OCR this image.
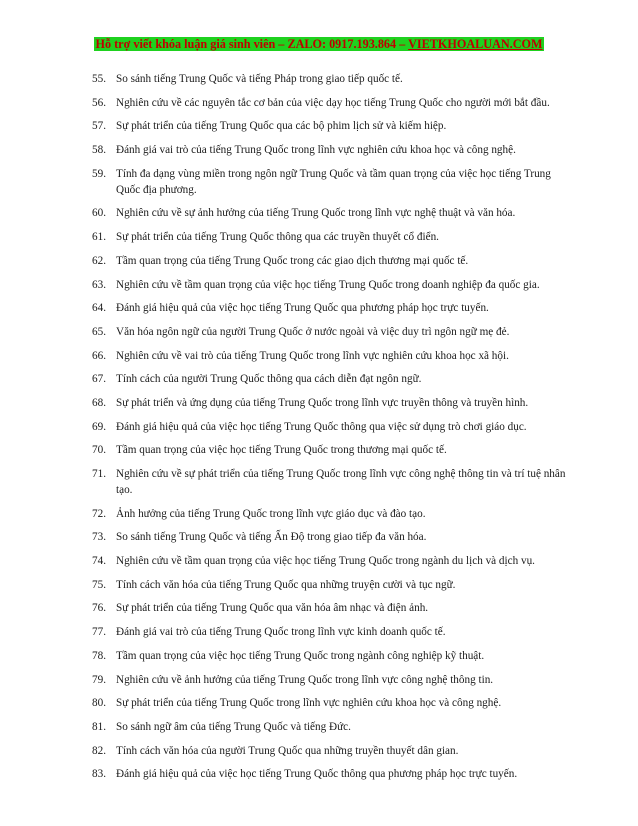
Hỗ trợ viết khóa luận giá sinh viên – ZALO: 0917.193.864 – VIETKHOALUAN.COM
55. So sánh tiếng Trung Quốc và tiếng Pháp trong giao tiếp quốc tế.
56. Nghiên cứu về các nguyên tắc cơ bản của việc dạy học tiếng Trung Quốc cho người mới bắt đầu.
57. Sự phát triển của tiếng Trung Quốc qua các bộ phim lịch sử và kiếm hiệp.
58. Đánh giá vai trò của tiếng Trung Quốc trong lĩnh vực nghiên cứu khoa học và công nghệ.
59. Tính đa dạng vùng miền trong ngôn ngữ Trung Quốc và tầm quan trọng của việc học tiếng Trung Quốc địa phương.
60. Nghiên cứu về sự ảnh hưởng của tiếng Trung Quốc trong lĩnh vực nghệ thuật và văn hóa.
61. Sự phát triển của tiếng Trung Quốc thông qua các truyền thuyết cổ điển.
62. Tầm quan trọng của tiếng Trung Quốc trong các giao dịch thương mại quốc tế.
63. Nghiên cứu về tầm quan trọng của việc học tiếng Trung Quốc trong doanh nghiệp đa quốc gia.
64. Đánh giá hiệu quả của việc học tiếng Trung Quốc qua phương pháp học trực tuyến.
65. Văn hóa ngôn ngữ của người Trung Quốc ở nước ngoài và việc duy trì ngôn ngữ mẹ đẻ.
66. Nghiên cứu về vai trò của tiếng Trung Quốc trong lĩnh vực nghiên cứu khoa học xã hội.
67. Tính cách của người Trung Quốc thông qua cách diễn đạt ngôn ngữ.
68. Sự phát triển và ứng dụng của tiếng Trung Quốc trong lĩnh vực truyền thông và truyền hình.
69. Đánh giá hiệu quả của việc học tiếng Trung Quốc thông qua việc sử dụng trò chơi giáo dục.
70. Tầm quan trọng của việc học tiếng Trung Quốc trong thương mại quốc tế.
71. Nghiên cứu về sự phát triển của tiếng Trung Quốc trong lĩnh vực công nghệ thông tin và trí tuệ nhân tạo.
72. Ảnh hưởng của tiếng Trung Quốc trong lĩnh vực giáo dục và đào tạo.
73. So sánh tiếng Trung Quốc và tiếng Ấn Độ trong giao tiếp đa văn hóa.
74. Nghiên cứu về tầm quan trọng của việc học tiếng Trung Quốc trong ngành du lịch và dịch vụ.
75. Tính cách văn hóa của tiếng Trung Quốc qua những truyện cười và tục ngữ.
76. Sự phát triển của tiếng Trung Quốc qua văn hóa âm nhạc và điện ảnh.
77. Đánh giá vai trò của tiếng Trung Quốc trong lĩnh vực kinh doanh quốc tế.
78. Tầm quan trọng của việc học tiếng Trung Quốc trong ngành công nghiệp kỹ thuật.
79. Nghiên cứu về ảnh hưởng của tiếng Trung Quốc trong lĩnh vực công nghệ thông tin.
80. Sự phát triển của tiếng Trung Quốc trong lĩnh vực nghiên cứu khoa học và công nghệ.
81. So sánh ngữ âm của tiếng Trung Quốc và tiếng Đức.
82. Tính cách văn hóa của người Trung Quốc qua những truyền thuyết dân gian.
83. Đánh giá hiệu quả của việc học tiếng Trung Quốc thông qua phương pháp học trực tuyến.
